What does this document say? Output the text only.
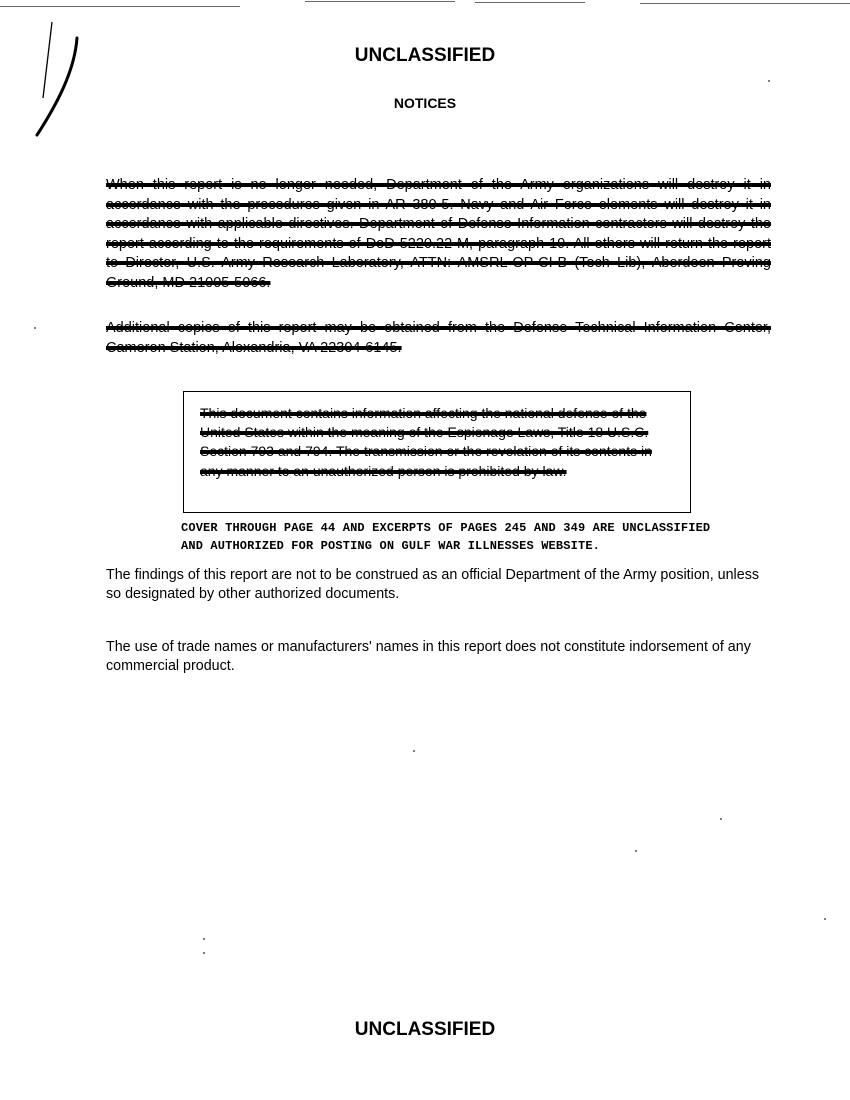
UNCLASSIFIED
NOTICES
When this report is no longer needed, Department of the Army organizations will destroy it in accordance with the procedures given in AR 380-5. Navy and Air Force elements will destroy it in accordance with applicable directives. Department of Defense Information contractors will destroy the report according to the requirements of DoD 5220.22-M, paragraph 19. All others will return the report to Director, U.S. Army Research Laboratory, ATTN: AMSRL-OP-CI-B (Tech Lib), Aberdeen Proving Ground, MD 21005-5066.
Additional copies of this report may be obtained from the Defense Technical Information Center, Cameron Station, Alexandria, VA 22304-6145.
This document contains information affecting the national defense of the United States within the meaning of the Espionage Laws, Title 18 U.S.C. Section 793 and 794. The transmission or the revelation of its contents in any manner to an unauthorized person is prohibited by law.
COVER THROUGH PAGE 44 AND EXCERPTS OF PAGES 245 AND 349 ARE UNCLASSIFIED AND AUTHORIZED FOR POSTING ON GULF WAR ILLNESSES WEBSITE.
The findings of this report are not to be construed as an official Department of the Army position, unless so designated by other authorized documents.
The use of trade names or manufacturers' names in this report does not constitute indorsement of any commercial product.
UNCLASSIFIED
